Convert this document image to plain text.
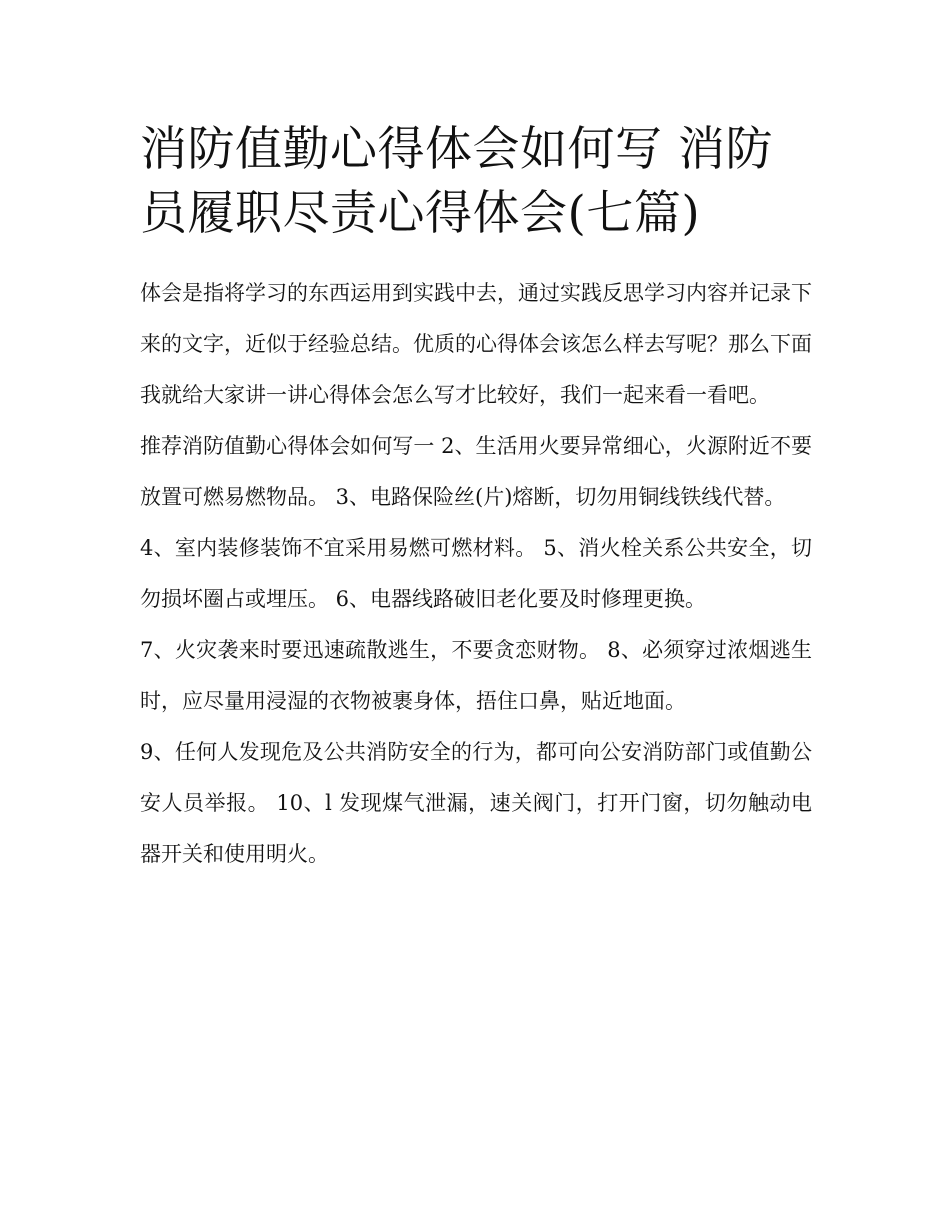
消防值勤心得体会如何写 消防员履职尽责心得体会(七篇)

体会是指将学习的东西运用到实践中去，通过实践反思学习内容并记录下来的文字，近似于经验总结。优质的心得体会该怎么样去写呢？那么下面我就给大家讲一讲心得体会怎么写才比较好，我们一起来看一看吧。

推荐消防值勤心得体会如何写一 2、生活用火要异常细心，火源附近不要放置可燃易燃物品。 3、电路保险丝(片)熔断，切勿用铜线铁线代替。

4、室内装修装饰不宜采用易燃可燃材料。 5、消火栓关系公共安全，切勿损坏圈占或埋压。 6、电器线路破旧老化要及时修理更换。

7、火灾袭来时要迅速疏散逃生，不要贪恋财物。 8、必须穿过浓烟逃生时，应尽量用浸湿的衣物被裹身体，捂住口鼻，贴近地面。

9、任何人发现危及公共消防安全的行为，都可向公安消防部门或值勤公安人员举报。 10、l 发现煤气泄漏，速关阀门，打开门窗，切勿触动电器开关和使用明火。
